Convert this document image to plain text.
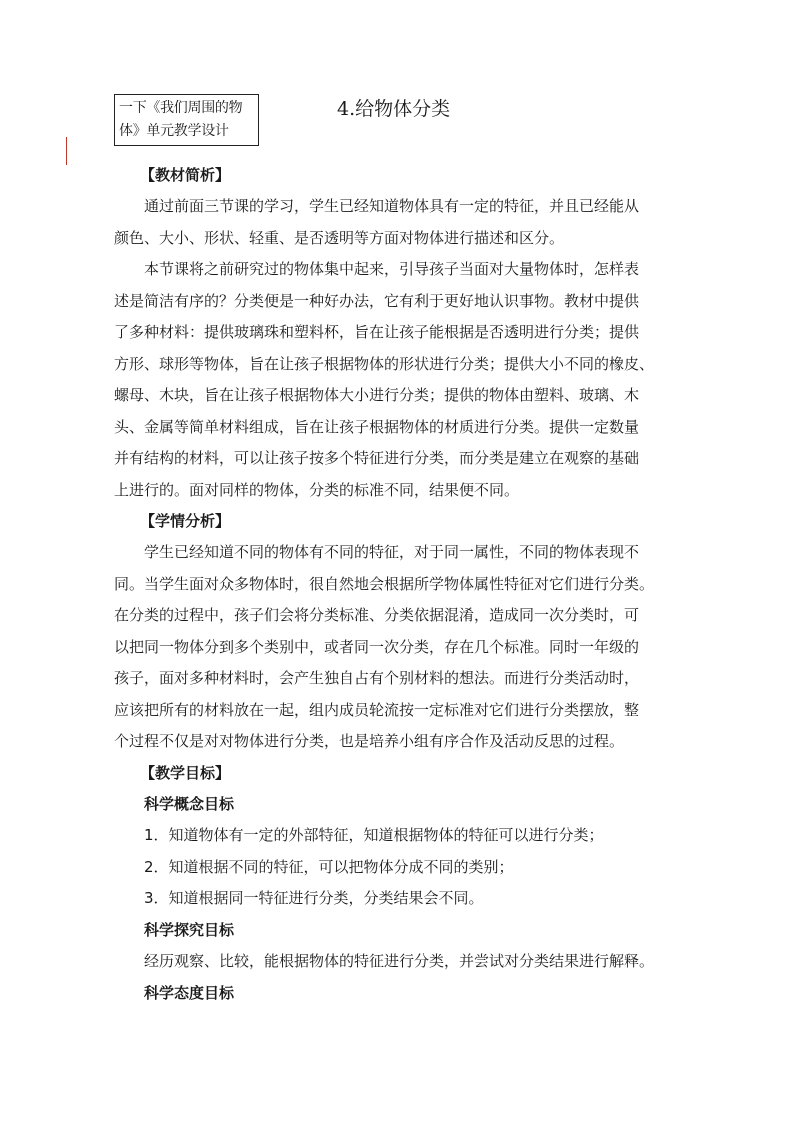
一下《我们周围的物
体》单元教学设计
4.给物体分类
【教材简析】
通过前面三节课的学习，学生已经知道物体具有一定的特征，并且已经能从
颜色、大小、形状、轻重、是否透明等方面对物体进行描述和区分。
本节课将之前研究过的物体集中起来，引导孩子当面对大量物体时，怎样表
述是简洁有序的？分类便是一种好办法，它有利于更好地认识事物。教材中提供
了多种材料：提供玻璃珠和塑料杯，旨在让孩子能根据是否透明进行分类；提供
方形、球形等物体，旨在让孩子根据物体的形状进行分类；提供大小不同的橡皮、
螺母、木块，旨在让孩子根据物体大小进行分类；提供的物体由塑料、玻璃、木
头、金属等简单材料组成，旨在让孩子根据物体的材质进行分类。提供一定数量
并有结构的材料，可以让孩子按多个特征进行分类，而分类是建立在观察的基础
上进行的。面对同样的物体，分类的标准不同，结果便不同。
【学情分析】
学生已经知道不同的物体有不同的特征，对于同一属性，不同的物体表现不
同。当学生面对众多物体时，很自然地会根据所学物体属性特征对它们进行分类。
在分类的过程中，孩子们会将分类标准、分类依据混淆，造成同一次分类时，可
以把同一物体分到多个类别中，或者同一次分类，存在几个标准。同时一年级的
孩子，面对多种材料时，会产生独自占有个别材料的想法。而进行分类活动时，
应该把所有的材料放在一起，组内成员轮流按一定标准对它们进行分类摆放，整
个过程不仅是对对物体进行分类，也是培养小组有序合作及活动反思的过程。
【教学目标】
科学概念目标
1．知道物体有一定的外部特征，知道根据物体的特征可以进行分类；
2．知道根据不同的特征，可以把物体分成不同的类别；
3．知道根据同一特征进行分类，分类结果会不同。
科学探究目标
经历观察、比较，能根据物体的特征进行分类，并尝试对分类结果进行解释。
科学态度目标
